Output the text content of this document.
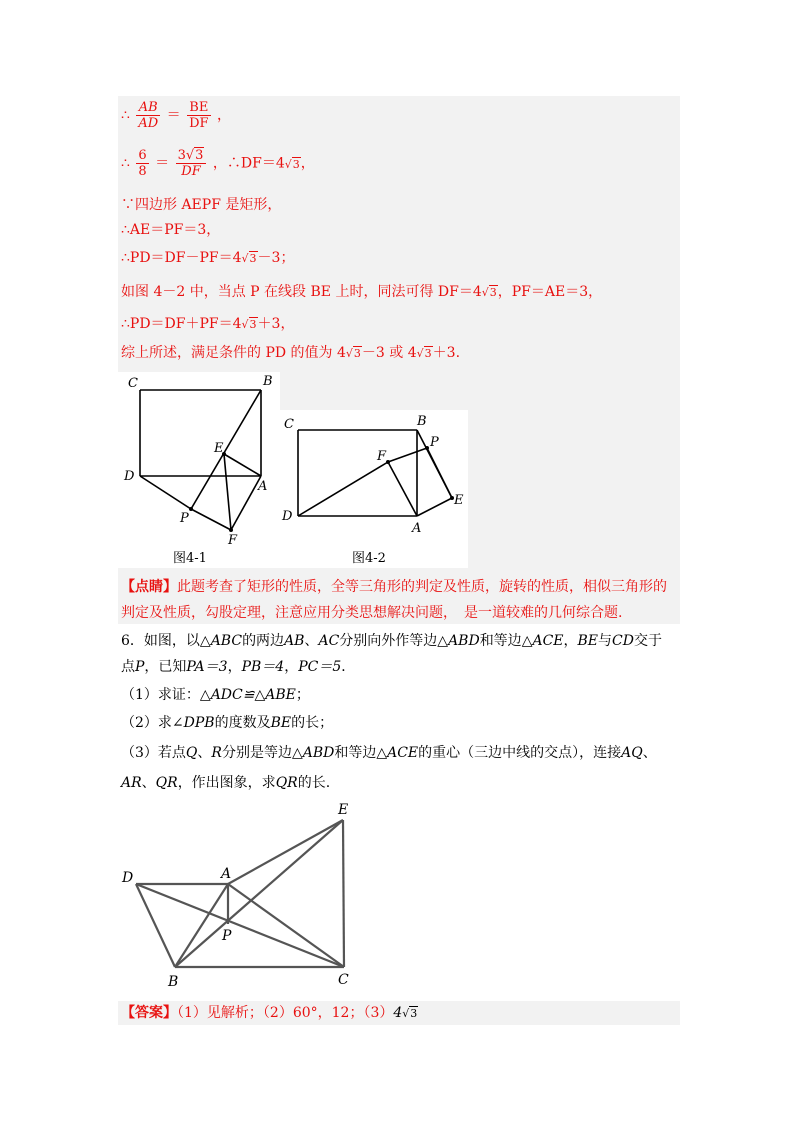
∴ $\frac{AB}{AD} = \frac{BE}{DF}$ ，
∴ $\frac{6}{8} = \frac{3√3}{DF}$ ，∴DF＝4√3，
∵四边形 AEPF 是矩形，
∴AE＝PF＝3，
∴PD＝DF－PF＝4√3－3；
如图 4－2 中，当点 P 在线段 BE 上时，同法可得 DF＝4√3，PF＝AE＝3，
∴PD＝DF＋PF＝4√3＋3，
综上所述，满足条件的 PD 的值为 4√3－3 或 4√3＋3.
C	B
D
E
A
P
F
图4-1
C	B
P
F
D
A
E
图4-2
【点睛】此题考查了矩形的性质，全等三角形的判定及性质，旋转的性质，相似三角形的
判定及性质，勾股定理，注意应用分类思想解决问题，　是一道较难的几何综合题.
6．如图，以△ABC的两边AB、AC分别向外作等边△ABD和等边△ACE，BE与CD交于
点P，已知PA＝3，PB＝4，PC＝5．
（1）求证：△ADC≌△ABE；
（2）求∠DPB的度数及BE的长；
（3）若点Q、R分别是等边△ABD和等边△ACE的重心（三边中线的交点），连接AQ、
AR、QR，作出图象，求QR的长.
D	A
E
P
B	C
【答案】（1）见解析；（2）60°，12；（3）4√3
